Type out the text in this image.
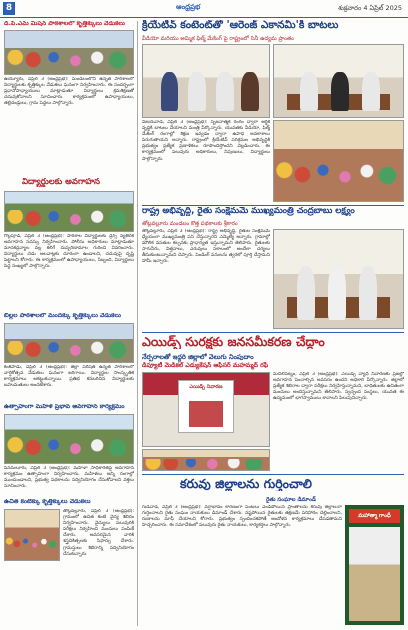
8	ఆంధ్రప్రభ	శుక్రవారం 4 ఏప్రిల్ 2025
డి.పి.ఎమ్ మిషన్ పాఠశాలలో కృత్తిక్కులు వేడుకలు
ఉయ్యూరు, ఏప్రిల్ 3 (ఆంధ్రప్రభ): మండలంలోని ఉన్నత పాఠశాలలో విద్యార్థులకు కృత్తిక్కుల వేడుకలు ఘనంగా నిర్వహించారు. ఈ సందర్భంగా ప్రధానోపాధ్యాయులు మాట్లాడుతూ విద్యార్థులు క్రమశిక్షణతో చదువుకోవాలని సూచించారు. కార్యక్రమంలో ఉపాధ్యాయులు, తల్లిదండ్రులు, గ్రామ పెద్దలు పాల్గొన్నారు.
విద్యార్థులకు అవగాహన
గొల్లపూడి, ఏప్రిల్ 3 (ఆంధ్రప్రభ): పాఠశాల విద్యార్థులకు డ్రగ్స్ వ్యతిరేక అవగాహన సదస్సు నిర్వహించారు. పోలీసు అధికారులు మాట్లాడుతూ మాదకద్రవ్యాల వల్ల కలిగే దుష్పరిణామాల గురించి వివరించారు. విద్యార్థులు చెడు అలవాట్లకు దూరంగా ఉండాలని, చదువుపై దృష్టి పెట్టాలని కోరారు. ఈ కార్యక్రమంలో ఉపాధ్యాయులు, సిబ్బంది, విద్యార్థులు పెద్ద సంఖ్యలో పాల్గొన్నారు.
బిల్లల పాఠశాలలో మందక్కు కృత్తిక్కులు వేడుకలు
కంకిపాడు, ఏప్రిల్ 3 (ఆంధ్రప్రభ): జిల్లా పరిషత్ ఉన్నత పాఠశాలలో వార్షికోత్సవ వేడుకలు ఘనంగా జరిగాయి. విద్యార్థుల సాంస్కృతిక కార్యక్రమాలు ఆకట్టుకున్నాయి. ప్రతిభ కనబరిచిన విద్యార్థులకు బహుమతులు అందజేశారు.
ఉత్సాహంగా మహిళ ప్రభావ అవగాహన కార్యక్రమం
పెనమలూరు, ఏప్రిల్ 3 (ఆంధ్రప్రభ): మహిళా సాధికారతపై అవగాహన కార్యక్రమం ఉత్సాహంగా నిర్వహించారు. మహిళలు అన్ని రంగాల్లో ముందుండాలని, ప్రభుత్వ పథకాలను సద్వినియోగం చేసుకోవాలని వక్తలు సూచించారు.
ఉచిత కంటిక్కు కృత్తిక్కులు వేడుకలు
తోట్లవల్లూరు, ఏప్రిల్ 3 (ఆంధ్రప్రభ): గ్రామంలో ఉచిత కంటి వైద్య శిబిరం నిర్వహించారు. వైద్యులు పలువురికి పరీక్షలు నిర్వహించి మందులు పంపిణీ చేశారు. అవసరమైన వారికి శస్త్రచికిత్సలకు సిఫార్సు చేశారు. గ్రామస్తులు శిబిరాన్ని సద్వినియోగం చేసుకున్నారు.
క్రియేటివ్ కంటెంట్‌తో 'ఆరెంజ్ ఎకానమీ'కి బాటలు
వీడియో మరియు అమ్మిక ఫిల్మ్ మేకింగ్ పై రాష్ట్రంలో సినీ ఉద్యమ ప్రాంతం
విజయవాడ, ఏప్రిల్ 3 (ఆంధ్రప్రభ): సృజనాత్మక రంగం ద్వారా ఆర్థిక వృద్ధికి బాటలు వేయాలని మంత్రి పేర్కొన్నారు. యువతకు వీడియో, ఫిల్మ్ మేకింగ్ రంగాల్లో శిక్షణ ఇవ్వడం ద్వారా ఉపాధి అవకాశాలు పెరుగుతాయని అన్నారు. రాష్ట్రంలో క్రియేటివ్ పరిశ్రమల అభివృద్ధికి ప్రభుత్వం ప్రత్యేక ప్రణాళికలు రూపొందిస్తోందని వెల్లడించారు. ఈ కార్యక్రమంలో పలువురు అధికారులు, నిపుణులు, విద్యార్థులు పాల్గొన్నారు.
రాష్ట్ర అభివృద్ధి, రైతు సంక్షేమమే ముఖ్యమంత్రి చంద్రబాబు లక్ష్యం
తోట్లవల్లూరు మండలం కొత్త పథకాలకు శ్రీకారం
తోట్లవల్లూరు, ఏప్రిల్ 3 (ఆంధ్రప్రభ): రాష్ట్ర అభివృద్ధి, రైతుల సంక్షేమమే ధ్యేయంగా ముఖ్యమంత్రి పని చేస్తున్నారని ఎమ్మెల్యే అన్నారు. గ్రామాల్లో మౌలిక వసతుల కల్పనకు ప్రాధాన్యత ఇస్తున్నామని తెలిపారు. రైతులకు సాగునీరు, విత్తనాలు, ఎరువులు సకాలంలో అందేలా చర్యలు తీసుకుంటున్నామని చెప్పారు. పెండింగ్ పనులను త్వరలో పూర్తి చేస్తామని హామీ ఇచ్చారు.
ఎయిడ్స్ సురక్షకు జనసమీకరణ చేద్దాం
నేర్పరాలతో ఇద్దరి జిల్లాలో వెలుగు నింపుదాం
డిప్యూటీ మెడికల్ ఎడ్యుకేషన్ ఆఫీసర్ మహమ్మద్ రఫీ
ఎయిడ్స్ నివారణ
మచిలీపట్నం, ఏప్రిల్ 3 (ఆంధ్రప్రభ): ఎయిడ్స్ వ్యాధి నివారణకు ప్రజల్లో అవగాహన పెంచాల్సిన అవసరం ఉందని అధికారి పేర్కొన్నారు. జిల్లాలో ప్రత్యేక శిబిరాల ద్వారా పరీక్షలు నిర్వహిస్తున్నామని, బాధితులకు ఉచితంగా మందులు అందిస్తున్నామని తెలిపారు. స్వచ్ఛంద సంస్థలు, యువత ఈ ఉద్యమంలో భాగస్వాములు కావాలని పిలుపునిచ్చారు.
కరువు జిల్లాలను గుర్తించాలి
రైతు సంఘాల డిమాండ్
గుడివాడ, ఏప్రిల్ 3 (ఆంధ్రప్రభ): వర్షాభావం కారణంగా పంటలు ఎండిపోయిన ప్రాంతాలను కరువు జిల్లాలుగా గుర్తించాలని రైతు సంఘం నాయకులు డిమాండ్ చేశారు. నష్టపోయిన రైతులకు తక్షణమే పరిహారం చెల్లించాలని, రుణాలను మాఫీ చేయాలని కోరారు. ప్రభుత్వం స్పందించకపోతే ఆందోళన కార్యక్రమాలు చేపడతామని హెచ్చరించారు. ఈ సమావేశంలో పలువురు రైతు నాయకులు, కార్యకర్తలు పాల్గొన్నారు.
మహాత్మా గాంధీ
